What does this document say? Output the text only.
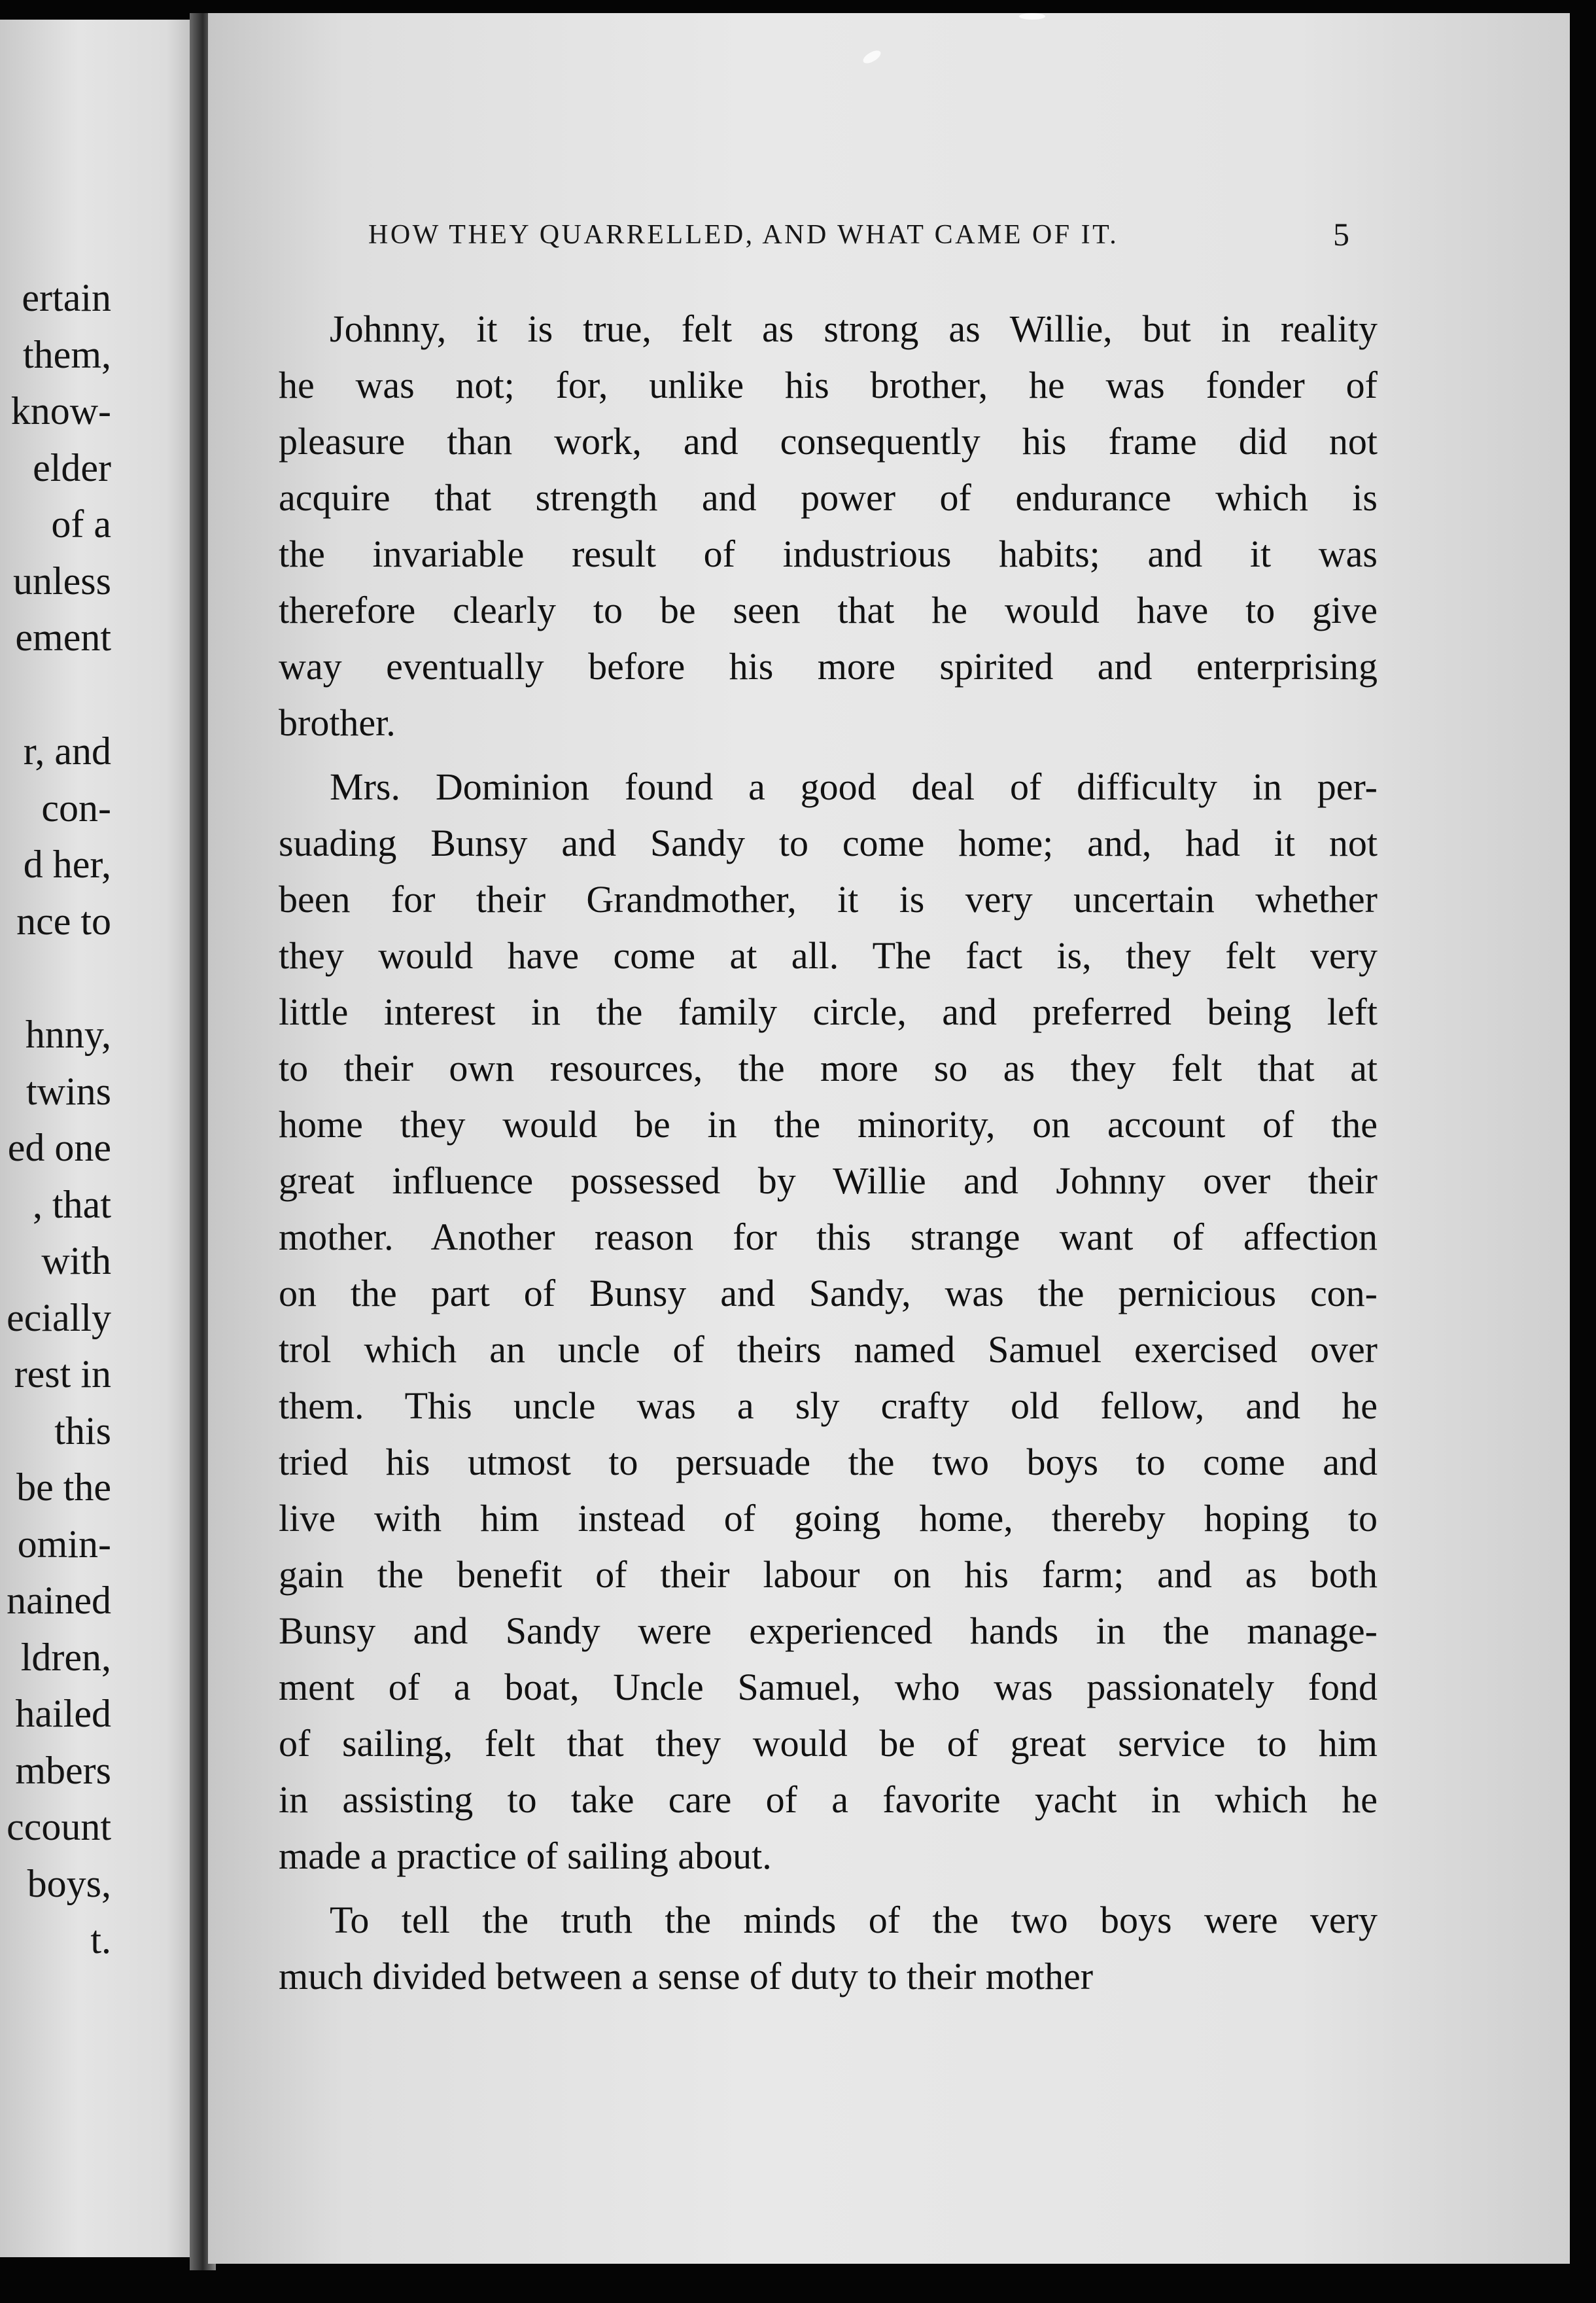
ertain
them,
know-
elder
of a
unless
ement
r, and
con-
d her,
nce to
hnny,
twins
ed one
, that
with
ecially
rest in
this
be the
omin-
nained
ldren,
hailed
mbers
ccount
boys,
t.
HOW THEY QUARRELLED, AND WHAT CAME OF IT.	5
Johnny, it is true, felt as strong as Willie, but in reality
he was not; for, unlike his brother, he was fonder of
pleasure than work, and consequently his frame did not
acquire that strength and power of endurance which is
the invariable result of industrious habits; and it was
therefore clearly to be seen that he would have to give
way eventually before his more spirited and enterprising
brother.
Mrs. Dominion found a good deal of difficulty in per-
suading Bunsy and Sandy to come home; and, had it not
been for their Grandmother, it is very uncertain whether
they would have come at all. The fact is, they felt very
little interest in the family circle, and preferred being left
to their own resources, the more so as they felt that at
home they would be in the minority, on account of the
great influence possessed by Willie and Johnny over their
mother. Another reason for this strange want of affection
on the part of Bunsy and Sandy, was the pernicious con-
trol which an uncle of theirs named Samuel exercised over
them. This uncle was a sly crafty old fellow, and he
tried his utmost to persuade the two boys to come and
live with him instead of going home, thereby hoping to
gain the benefit of their labour on his farm; and as both
Bunsy and Sandy were experienced hands in the manage-
ment of a boat, Uncle Samuel, who was passionately fond
of sailing, felt that they would be of great service to him
in assisting to take care of a favorite yacht in which he
made a practice of sailing about.
To tell the truth the minds of the two boys were very
much divided between a sense of duty to their mother
